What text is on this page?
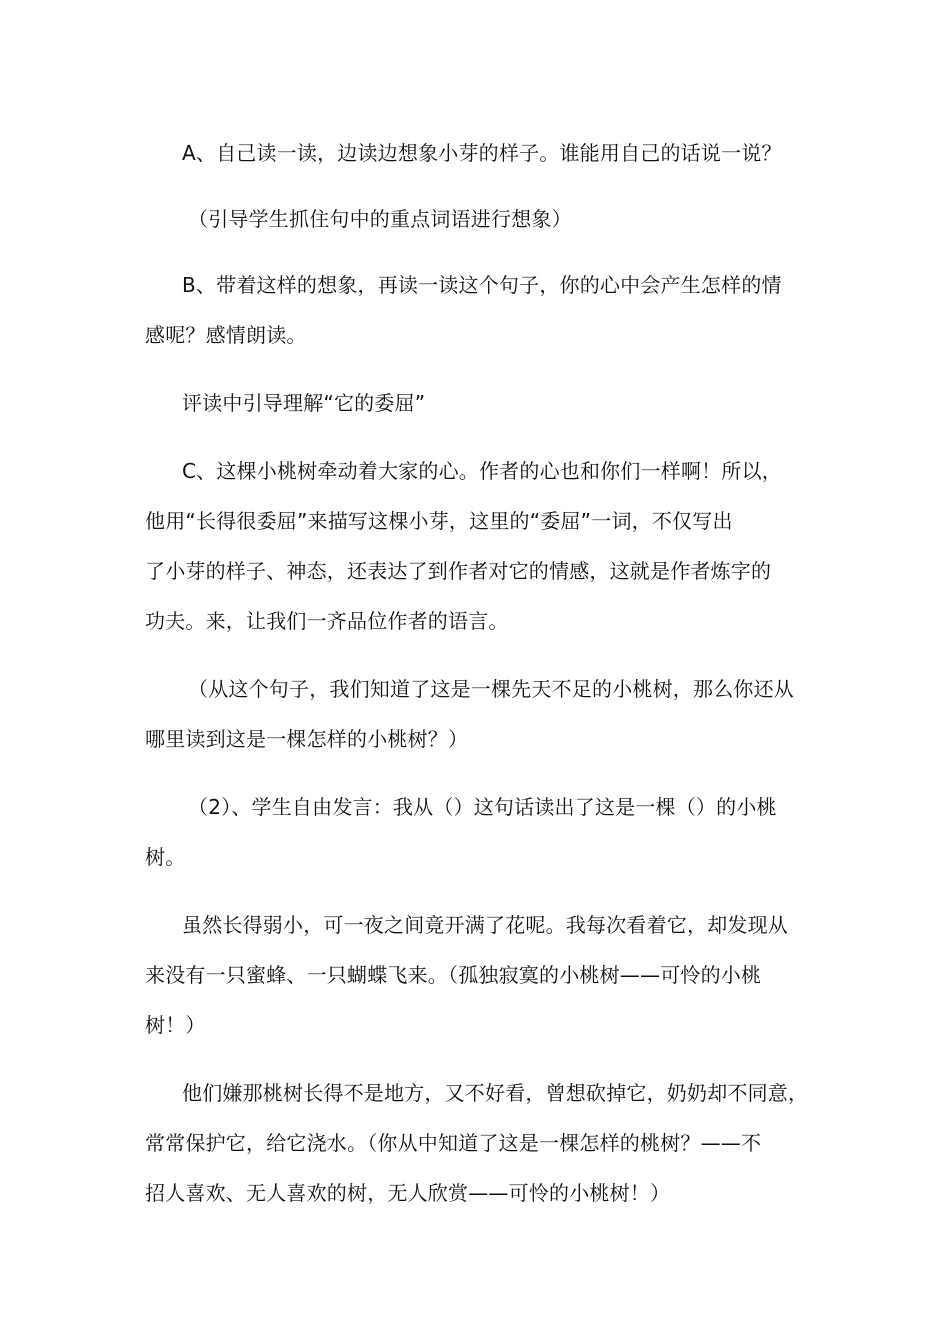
A、自己读一读，边读边想象小芽的样子。谁能用自己的话说一说？
（引导学生抓住句中的重点词语进行想象）
B、带着这样的想象，再读一读这个句子，你的心中会产生怎样的情
感呢？感情朗读。
评读中引导理解“它的委屈”
C、这棵小桃树牵动着大家的心。作者的心也和你们一样啊！所以，
他用“长得很委屈”来描写这棵小芽，这里的“委屈”一词，不仅写出
了小芽的样子、神态，还表达了到作者对它的情感，这就是作者炼字的
功夫。来，让我们一齐品位作者的语言。
（从这个句子，我们知道了这是一棵先天不足的小桃树，那么你还从
哪里读到这是一棵怎样的小桃树？）
（2）、学生自由发言：我从（）这句话读出了这是一棵（）的小桃
树。
虽然长得弱小，可一夜之间竟开满了花呢。我每次看着它，却发现从
来没有一只蜜蜂、一只蝴蝶飞来。（孤独寂寞的小桃树——可怜的小桃
树！）
他们嫌那桃树长得不是地方，又不好看，曾想砍掉它，奶奶却不同意，
常常保护它，给它浇水。（你从中知道了这是一棵怎样的桃树？——不
招人喜欢、无人喜欢的树，无人欣赏——可怜的小桃树！）
